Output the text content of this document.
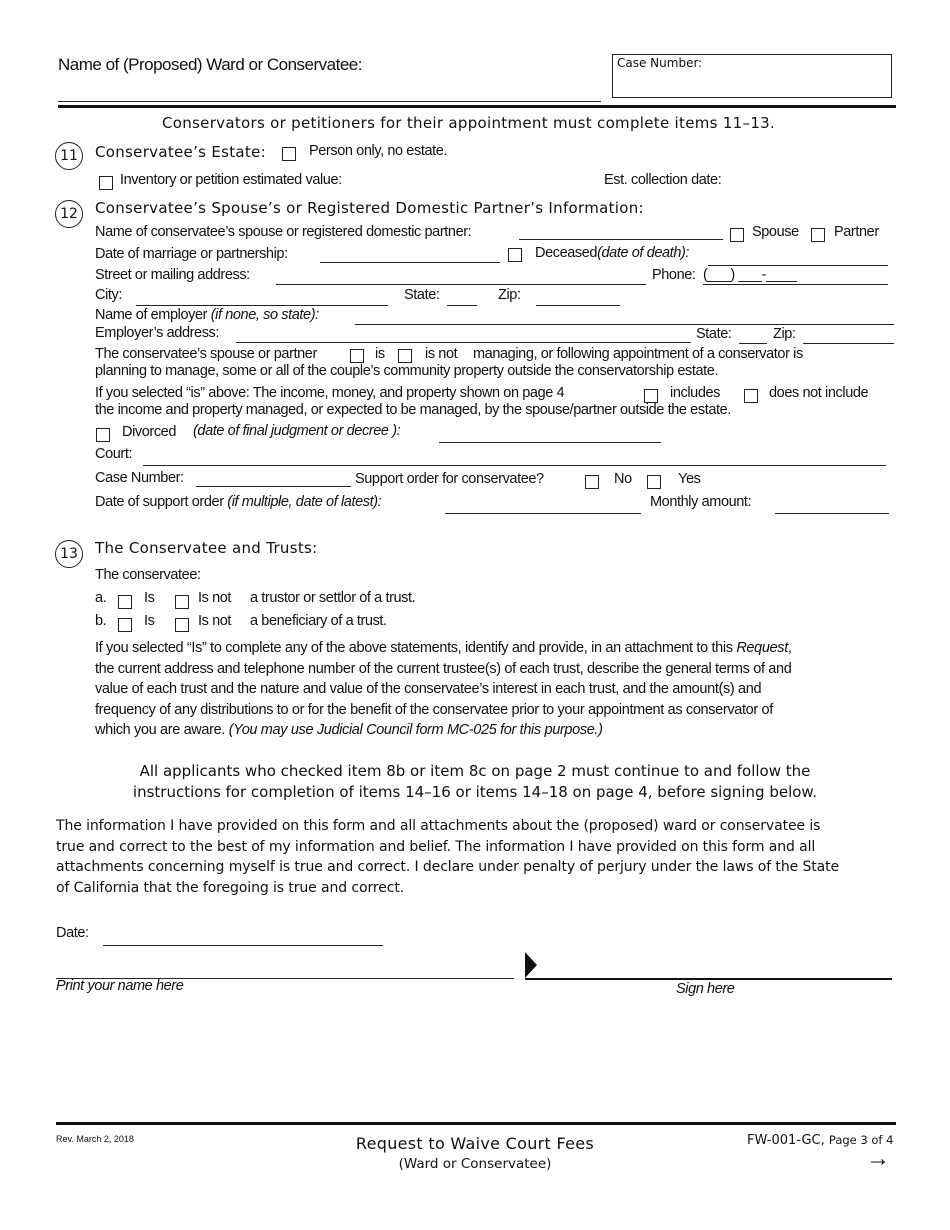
Name of (Proposed) Ward or Conservatee:	Case Number:
Conservators or petitioners for their appointment must complete items 11–13.
11	Conservatee’s Estate:	Person only, no estate.
Inventory or petition estimated value:	Est. collection date:
12	Conservatee’s Spouse’s or Registered Domestic Partner’s Information:
Name of conservatee’s spouse or registered domestic partner:	Spouse Partner
Date of marriage or partnership:	Deceased(date of death):
Street or mailing address:	Phone: (___) ___-____
City:	State:	Zip:
Name of employer (if none, so state):
Employer’s address:	State:	Zip:
The conservatee’s spouse or partner	is	is not managing, or following appointment of a conservator is
planning to manage, some or all of the couple’s community property outside the conservatorship estate.
If you selected “is” above: The income, money, and property shown on page 4	includes	does not include
the income and property managed, or expected to be managed, by the spouse/partner outside the estate.
Divorced (date of final judgment or decree ):
Court:
Case Number:	Support order for conservatee?	No	Yes
Date of support order (if multiple, date of latest):	Monthly amount:
13	The Conservatee and Trusts:
The conservatee:
a.	Is	Is not a trustor or settlor of a trust.
b.	Is	Is not a beneficiary of a trust.
If you selected “Is” to complete any of the above statements, identify and provide, in an attachment to this Request,
the current address and telephone number of the current trustee(s) of each trust, describe the general terms of and
value of each trust and the nature and value of the conservatee’s interest in each trust, and the amount(s) and
frequency of any distributions to or for the benefit of the conservatee prior to your appointment as conservator of
which you are aware. (You may use Judicial Council form MC-025 for this purpose.)
All applicants who checked item 8b or item 8c on page 2 must continue to and follow the
instructions for completion of items 14–16 or items 14–18 on page 4, before signing below.
The information I have provided on this form and all attachments about the (proposed) ward or conservatee is
true and correct to the best of my information and belief. The information I have provided on this form and all
attachments concerning myself is true and correct. I declare under penalty of perjury under the laws of the State
of California that the foregoing is true and correct.
Date:
Print your name here	Sign here
Rev. March 2, 2018	Request to Waive Court Fees
(Ward or Conservatee)
FW-001-GC, Page 3 of 4
→
